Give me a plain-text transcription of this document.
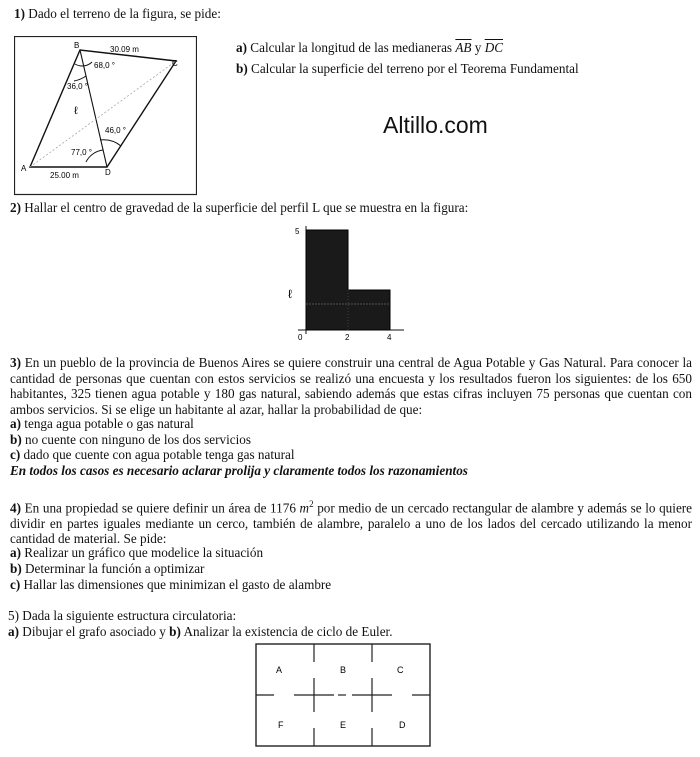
1) Dado el terreno de la figura, se pide:
A
B
C
D
30.09 m
25.00 m
68,0 °
36,0 °
46,0 °
77,0 °
ℓ
a) Calcular la longitud de las medianeras $\overline{AB}$ y $\overline{DC}$
b) Calcular la superficie del terreno por el Teorema Fundamental
Altillo.com
2) Hallar el centro de gravedad de la superficie del perfil L que se muestra en la figura:
5
ℓ
0	2	4
3) En un pueblo de la provincia de Buenos Aires se quiere construir una central de Agua Potable y Gas Natural. Para conocer la cantidad de personas que cuentan con estos servicios se realizó una encuesta y los resultados fueron los siguientes: de los 650 habitantes, 325 tienen agua potable y 180 gas natural, sabiendo además que estas cifras incluyen 75 personas que cuentan con ambos servicios. Si se elige un habitante al azar, hallar la probabilidad de que:
a) tenga agua potable o gas natural
b) no cuente con ninguno de los dos servicios
c) dado que cuente con agua potable tenga gas natural
En todos los casos es necesario aclarar prolija y claramente todos los razonamientos
4) En una propiedad se quiere definir un área de 1176 $m^2$ por medio de un cercado rectangular de alambre y además se lo quiere dividir en partes iguales mediante un cerco, también de alambre, paralelo a uno de los lados del cercado utilizando la menor cantidad de material. Se pide:
a) Realizar un gráfico que modelice la situación
b) Determinar la función a optimizar
c) Hallar las dimensiones que minimizan el gasto de alambre
5) Dada la siguiente estructura circulatoria:
a) Dibujar el grafo asociado y b) Analizar la existencia de ciclo de Euler.
A	B	C
F	E	D
